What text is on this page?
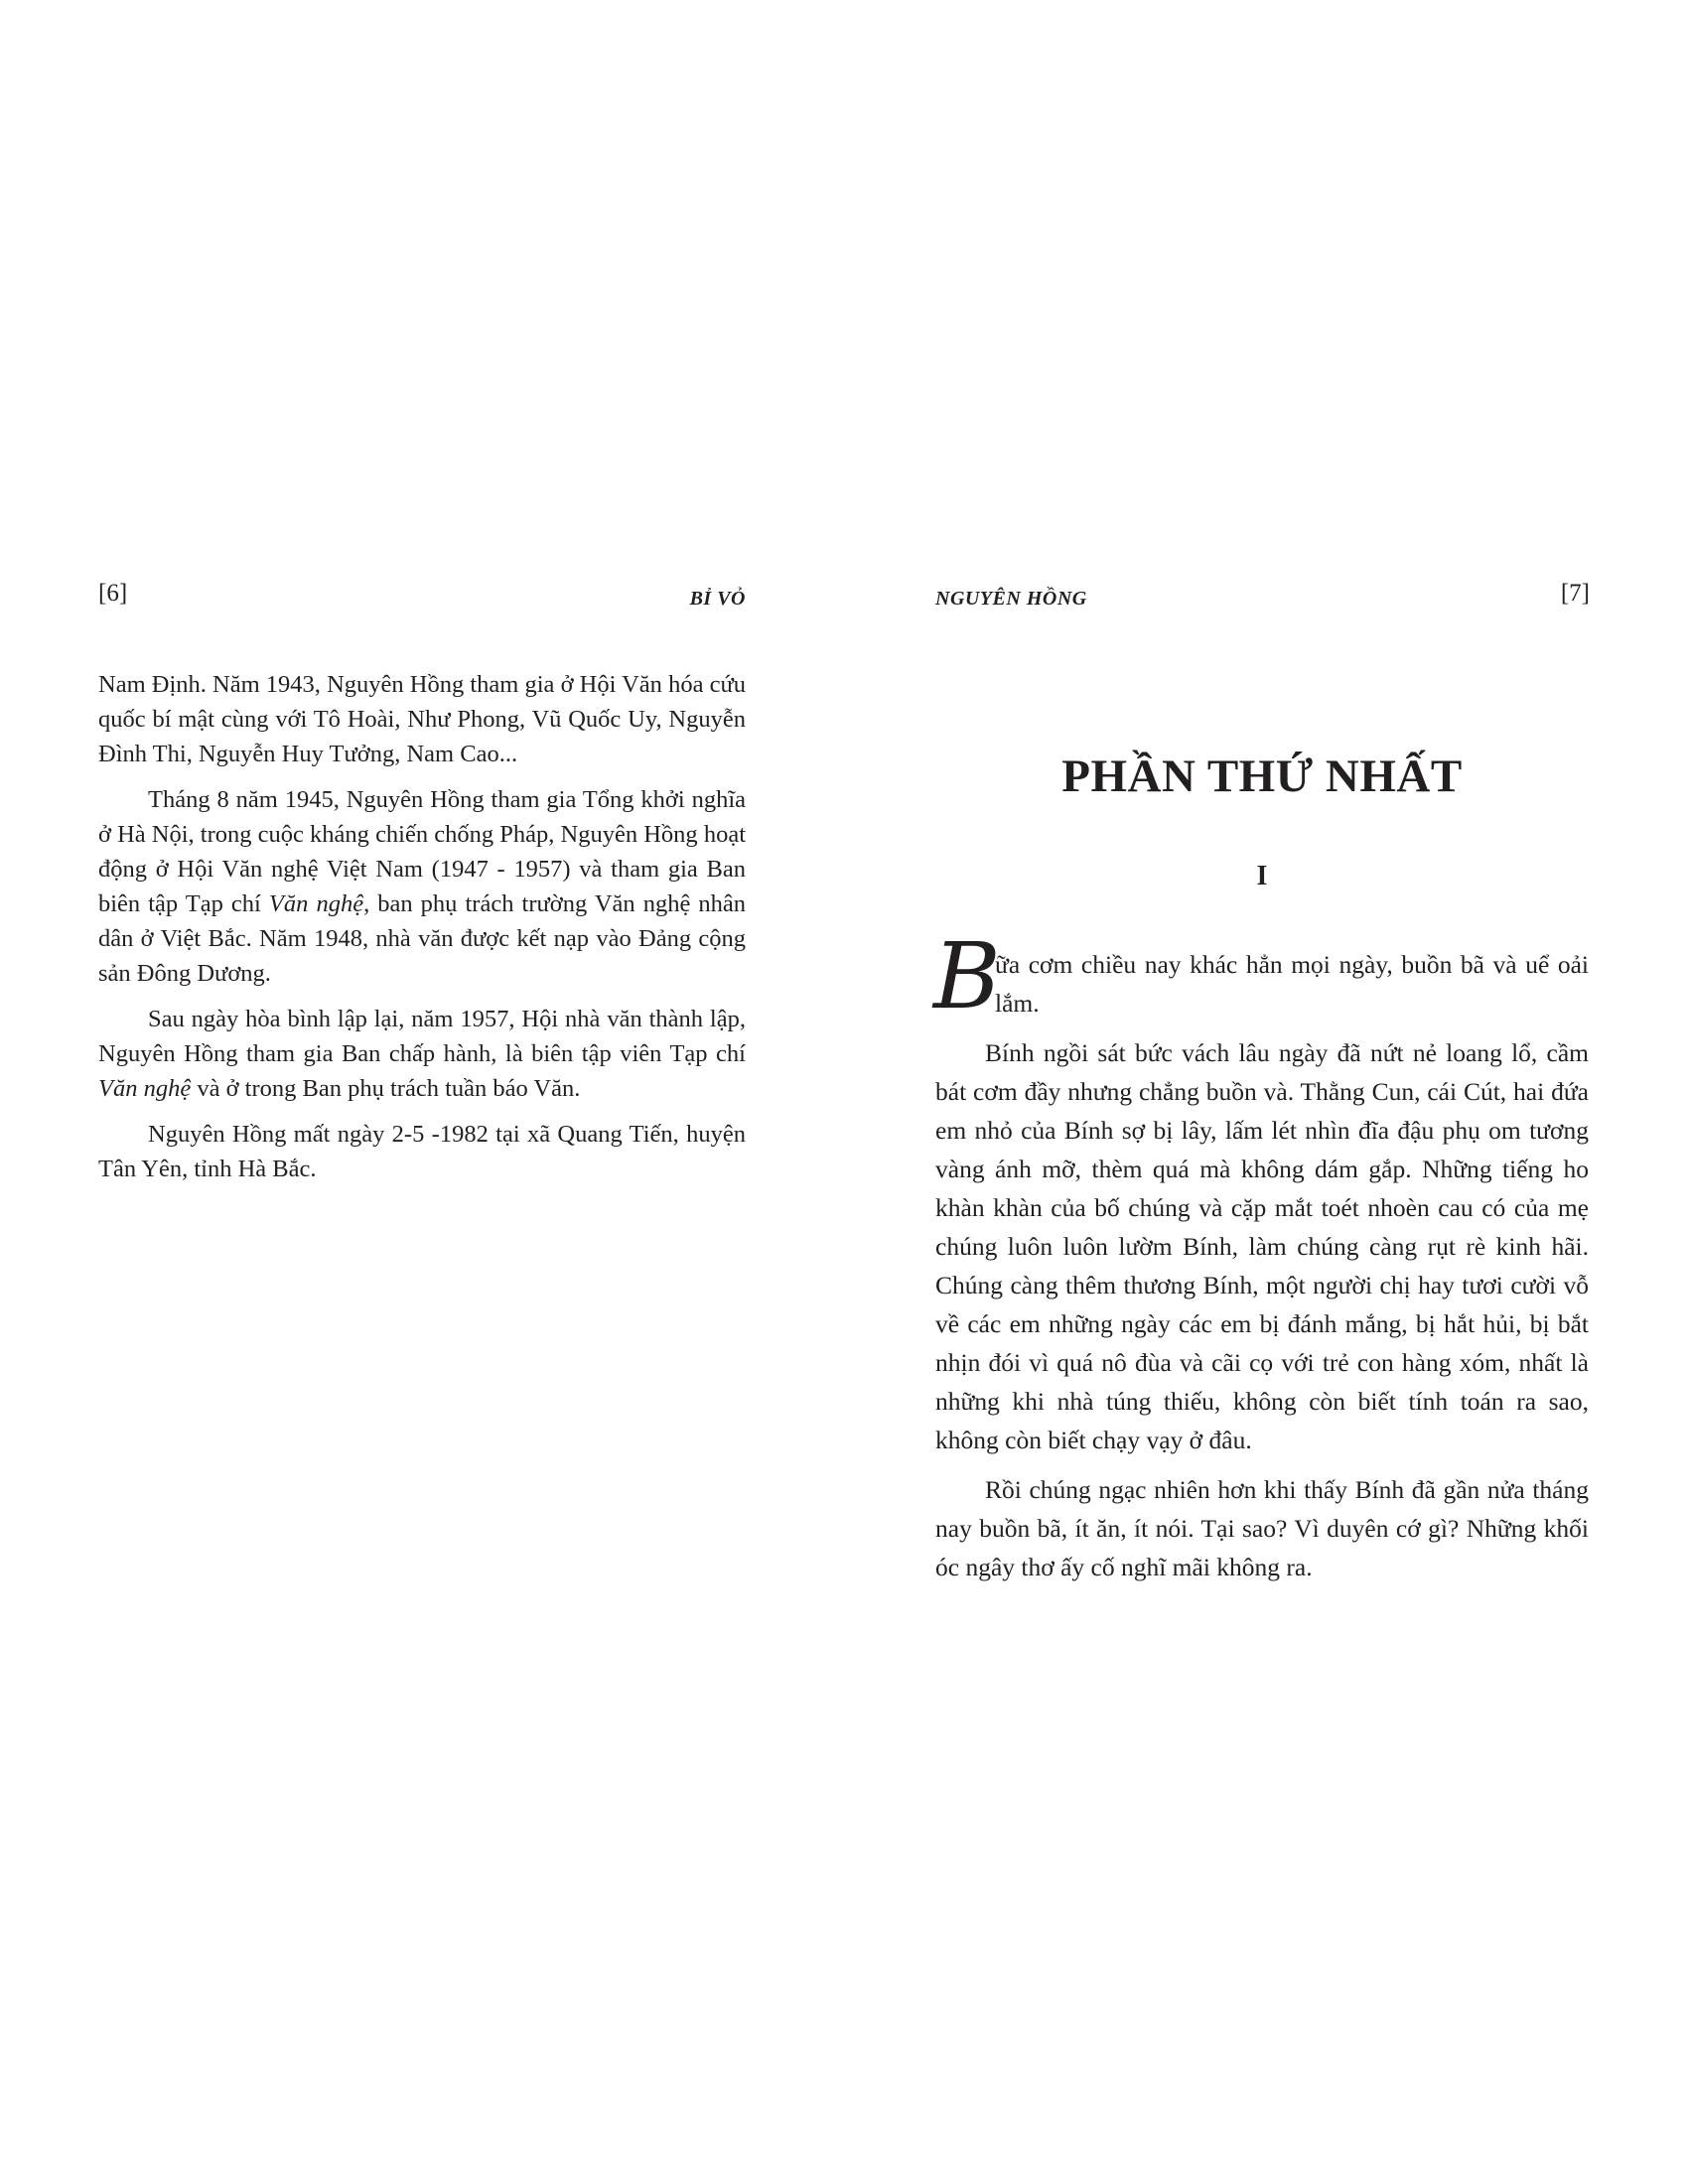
[6]	BỈ VỎ

Nam Định. Năm 1943, Nguyên Hồng tham gia ở Hội Văn hóa cứu quốc bí mật cùng với Tô Hoài, Như Phong, Vũ Quốc Uy, Nguyễn Đình Thi, Nguyễn Huy Tưởng, Nam Cao...

Tháng 8 năm 1945, Nguyên Hồng tham gia Tổng khởi nghĩa ở Hà Nội, trong cuộc kháng chiến chống Pháp, Nguyên Hồng hoạt động ở Hội Văn nghệ Việt Nam (1947 - 1957) và tham gia Ban biên tập Tạp chí Văn nghệ, ban phụ trách trường Văn nghệ nhân dân ở Việt Bắc. Năm 1948, nhà văn được kết nạp vào Đảng cộng sản Đông Dương.

Sau ngày hòa bình lập lại, năm 1957, Hội nhà văn thành lập, Nguyên Hồng tham gia Ban chấp hành, là biên tập viên Tạp chí Văn nghệ và ở trong Ban phụ trách tuần báo Văn.

Nguyên Hồng mất ngày 2-5 -1982 tại xã Quang Tiến, huyện Tân Yên, tỉnh Hà Bắc.

NGUYÊN HỒNG	[7]
PHẦN THỨ NHẤT
I

B
ữa cơm chiều nay khác hẳn mọi ngày, buồn bã và uể oải lắm.

Bính ngồi sát bức vách lâu ngày đã nứt nẻ loang lổ, cầm bát cơm đầy nhưng chẳng buồn và. Thằng Cun, cái Cút, hai đứa em nhỏ của Bính sợ bị lây, lấm lét nhìn đĩa đậu phụ om tương vàng ánh mỡ, thèm quá mà không dám gắp. Những tiếng ho khàn khàn của bố chúng và cặp mắt toét nhoèn cau có của mẹ chúng luôn luôn lườm Bính, làm chúng càng rụt rè kinh hãi. Chúng càng thêm thương Bính, một người chị hay tươi cười vỗ về các em những ngày các em bị đánh mắng, bị hắt hủi, bị bắt nhịn đói vì quá nô đùa và cãi cọ với trẻ con hàng xóm, nhất là những khi nhà túng thiếu, không còn biết tính toán ra sao, không còn biết chạy vạy ở đâu.

Rồi chúng ngạc nhiên hơn khi thấy Bính đã gần nửa tháng nay buồn bã, ít ăn, ít nói. Tại sao? Vì duyên cớ gì? Những khối óc ngây thơ ấy cố nghĩ mãi không ra.
